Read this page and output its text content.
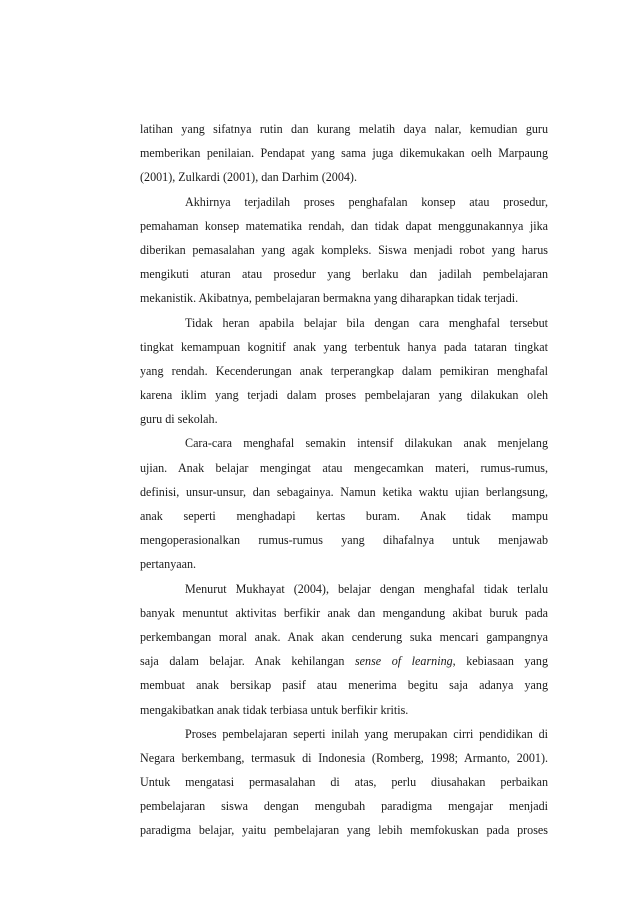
latihan yang sifatnya rutin dan kurang melatih daya nalar, kemudian guru
memberikan penilaian. Pendapat yang sama juga dikemukakan oelh Marpaung
(2001), Zulkardi (2001), dan Darhim (2004).
Akhirnya terjadilah proses penghafalan konsep atau prosedur,
pemahaman konsep matematika rendah, dan tidak dapat menggunakannya jika
diberikan pemasalahan yang agak kompleks. Siswa menjadi robot yang harus
mengikuti aturan atau prosedur yang berlaku dan jadilah pembelajaran
mekanistik. Akibatnya, pembelajaran bermakna yang diharapkan tidak terjadi.
Tidak heran apabila belajar bila dengan cara menghafal tersebut
tingkat kemampuan kognitif anak yang terbentuk hanya pada tataran tingkat
yang rendah. Kecenderungan anak terperangkap dalam pemikiran menghafal
karena iklim yang terjadi dalam proses pembelajaran yang dilakukan oleh
guru di sekolah.
Cara-cara menghafal semakin intensif dilakukan anak menjelang
ujian. Anak belajar mengingat atau mengecamkan materi, rumus-rumus,
definisi, unsur-unsur, dan sebagainya. Namun ketika waktu ujian berlangsung,
anak seperti menghadapi kertas buram. Anak tidak mampu
mengoperasionalkan rumus-rumus yang dihafalnya untuk menjawab
pertanyaan.
Menurut Mukhayat (2004), belajar dengan menghafal tidak terlalu
banyak menuntut aktivitas berfikir anak dan mengandung akibat buruk pada
perkembangan moral anak. Anak akan cenderung suka mencari gampangnya
saja dalam belajar. Anak kehilangan sense of learning, kebiasaan yang
membuat anak bersikap pasif atau menerima begitu saja adanya yang
mengakibatkan anak tidak terbiasa untuk berfikir kritis.
Proses pembelajaran seperti inilah yang merupakan cirri pendidikan di
Negara berkembang, termasuk di Indonesia (Romberg, 1998; Armanto, 2001).
Untuk mengatasi permasalahan di atas, perlu diusahakan perbaikan
pembelajaran siswa dengan mengubah paradigma mengajar menjadi
paradigma belajar, yaitu pembelajaran yang lebih memfokuskan pada proses
